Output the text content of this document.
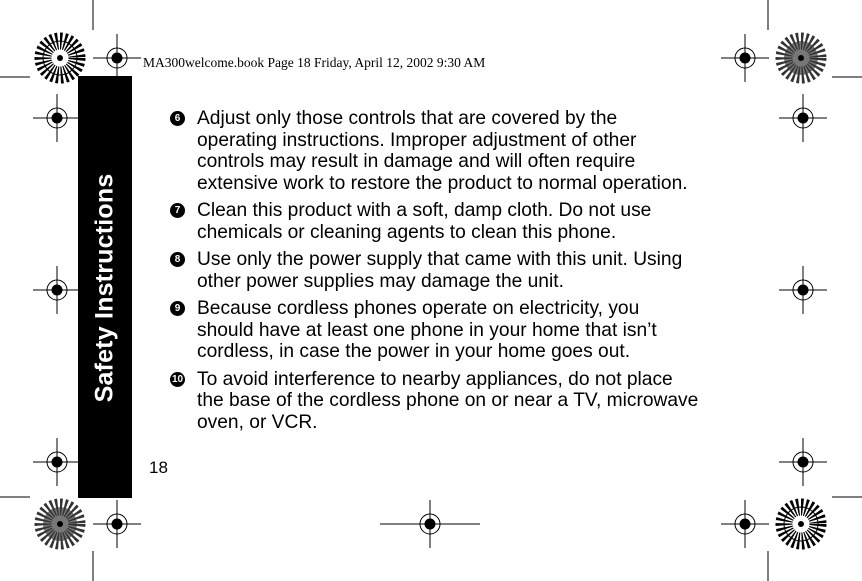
MA300welcome.book Page 18 Friday, April 12, 2002 9:30 AM
Safety Instructions
6 Adjust only those controls that are covered by the operating instructions. Improper adjustment of other controls may result in damage and will often require extensive work to restore the product to normal operation.
7 Clean this product with a soft, damp cloth. Do not use chemicals or cleaning agents to clean this phone.
8 Use only the power supply that came with this unit. Using other power supplies may damage the unit.
9 Because cordless phones operate on electricity, you should have at least one phone in your home that isn’t cordless, in case the power in your home goes out.
10 To avoid interference to nearby appliances, do not place the base of the cordless phone on or near a TV, microwave oven, or VCR.
18
